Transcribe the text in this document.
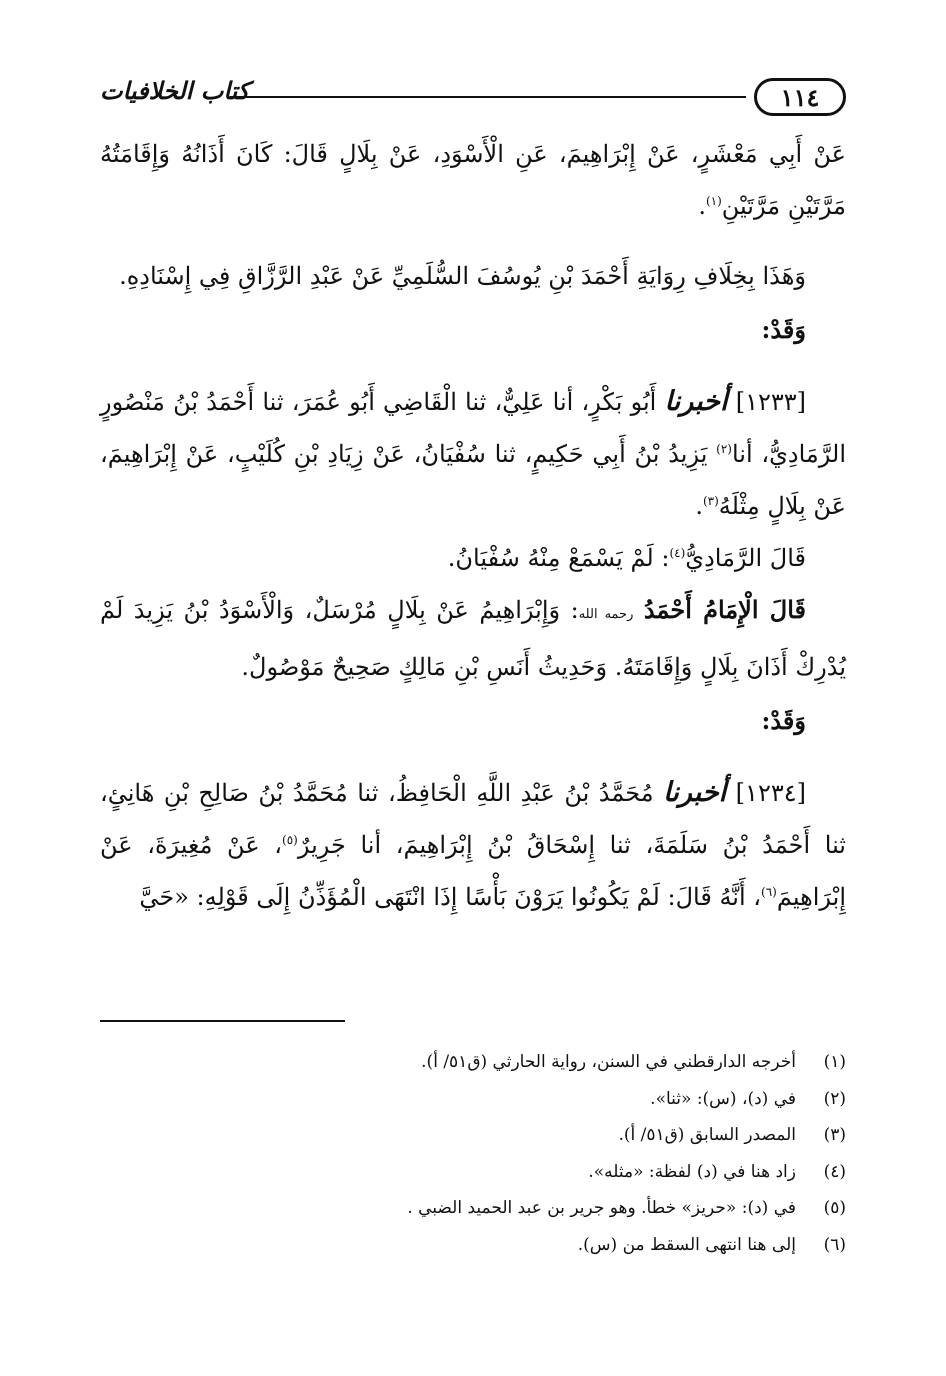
١١٤
كتاب الخلافيات

عَنْ أَبِي مَعْشَرٍ، عَنْ إِبْرَاهِيمَ، عَنِ الْأَسْوَدِ، عَنْ بِلَالٍ قَالَ: كَانَ أَذَانُهُ وَإِقَامَتُهُ مَرَّتَيْنِ مَرَّتَيْنِ$^{(١)}$.

وَهَذَا بِخِلَافِ رِوَايَةِ أَحْمَدَ بْنِ يُوسُفَ السُّلَمِيِّ عَنْ عَبْدِ الرَّزَّاقِ فِي إِسْنَادِهِ.

وَقَدْ:

[١٢٣٣] أخبرنا أَبُو بَكْرٍ، أنا عَلِيٌّ، ثنا الْقَاضِي أَبُو عُمَرَ، ثنا أَحْمَدُ بْنُ مَنْصُورٍ الرَّمَادِيُّ، أنا$^{(٢)}$ يَزِيدُ بْنُ أَبِي حَكِيمٍ، ثنا سُفْيَانُ، عَنْ زِيَادِ بْنِ كُلَيْبٍ، عَنْ إِبْرَاهِيمَ، عَنْ بِلَالٍ مِثْلَهُ$^{(٣)}$.

قَالَ الرَّمَادِيُّ$^{(٤)}$: لَمْ يَسْمَعْ مِنْهُ سُفْيَانُ.

قَالَ الْإِمَامُ أَحْمَدُ رحمه الله: وَإِبْرَاهِيمُ عَنْ بِلَالٍ مُرْسَلٌ، وَالْأَسْوَدُ بْنُ يَزِيدَ لَمْ يُدْرِكْ أَذَانَ بِلَالٍ وَإِقَامَتَهُ. وَحَدِيثُ أَنَسِ بْنِ مَالِكٍ صَحِيحٌ مَوْصُولٌ.

وَقَدْ:

[١٢٣٤] أخبرنا مُحَمَّدُ بْنُ عَبْدِ اللَّهِ الْحَافِظُ، ثنا مُحَمَّدُ بْنُ صَالِحِ بْنِ هَانِئٍ، ثنا أَحْمَدُ بْنُ سَلَمَةَ، ثنا إِسْحَاقُ بْنُ إِبْرَاهِيمَ، أنا جَرِيرٌ$^{(٥)}$، عَنْ مُغِيرَةَ، عَنْ إِبْرَاهِيمَ$^{(٦)}$، أَنَّهُ قَالَ: لَمْ يَكُونُوا يَرَوْنَ بَأْسًا إِذَا انْتَهَى الْمُؤَذِّنُ إِلَى قَوْلِهِ: «حَيَّ

(١)
أخرجه الدارقطني في السنن، رواية الحارثي (ق٥١/ أ).
(٢)
في (د)، (س): «ثنا».
(٣)
المصدر السابق (ق٥١/ أ).
(٤)
زاد هنا في (د) لفظة: «مثله».
(٥)
في (د): «حريز» خطأ. وهو جرير بن عبد الحميد الضبي .
(٦)
إلى هنا انتهى السقط من (س).
